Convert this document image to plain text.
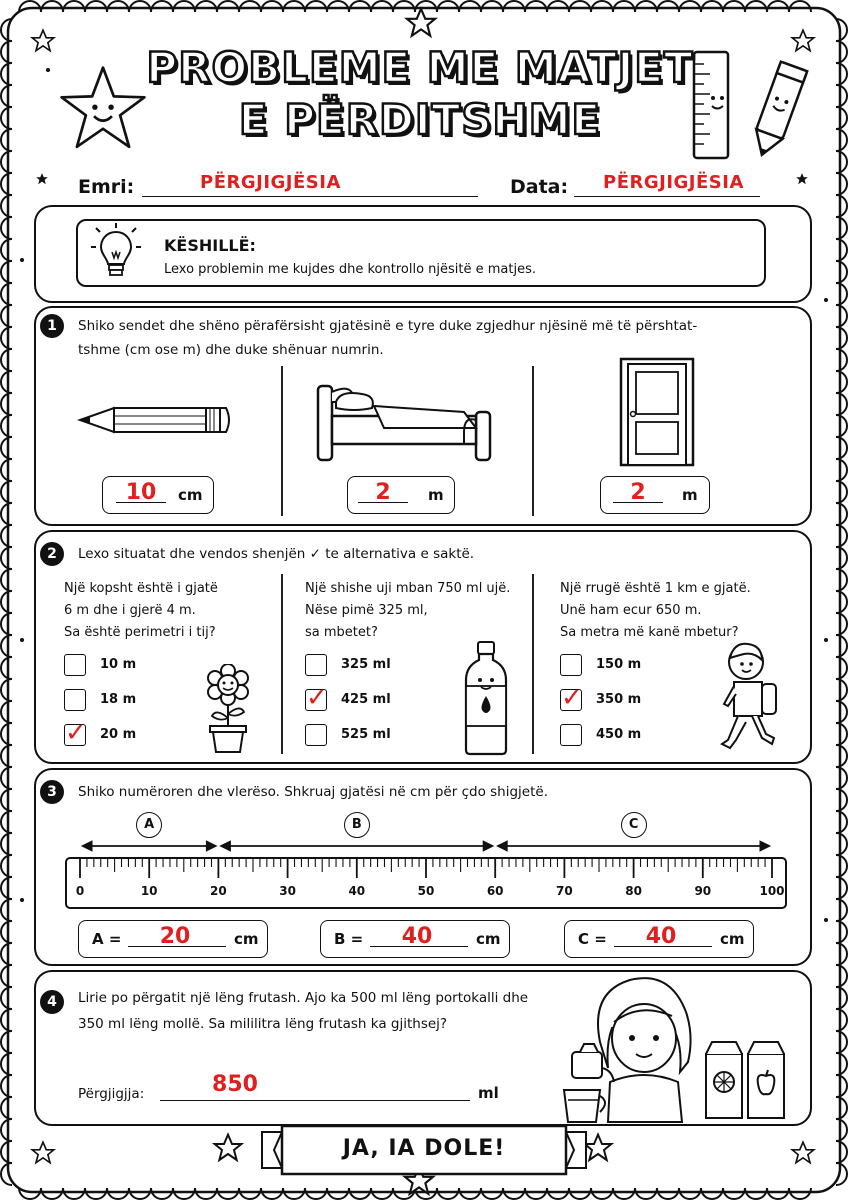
PROBLEME ME MATJET
E PËRDITSHME
Emri:	PËRGJIGJËSIA	Data: PËRGJIGJËSIA
KËSHILLË:
Lexo problemin me kujdes dhe kontrollo njësitë e matjes.
1	Shiko sendet dhe shëno përafërsisht gjatësinë e tyre duke zgjedhur njësinë më të përshtat-
tshme (cm ose m) dhe duke shënuar numrin.
10	cm	2	m	2	m
2	Lexo situatat dhe vendos shenjën ✓ te alternativa e saktë.
Një kopsht është i gjatë
6 m dhe i gjerë 4 m.
Sa është perimetri i tij?
10 m
18 m
✓ 20 m
Një shishe uji mban 750 ml ujë.
Nëse pimë 325 ml,
sa mbetet?
325 ml
✓ 425 ml
525 ml
Një rrugë është 1 km e gjatë.
Unë ham ecur 650 m.
Sa metra më kanë mbetur?
150 m
✓ 350 m
450 m
3	Shiko numëroren dhe vlerëso. Shkruaj gjatësi në cm për çdo shigjetë.
0	10	20	30	40	50	60	70	80	90	100
A	B	C
A =	20	cm	B =	40	cm	C =	40	cm
4	Lirie po përgatit një lëng frutash. Ajo ka 500 ml lëng portokalli dhe
350 ml lëng mollë. Sa mililitra lëng frutash ka gjithsej?
Përgjigjja:	850	ml
JA, IA DOLE!
